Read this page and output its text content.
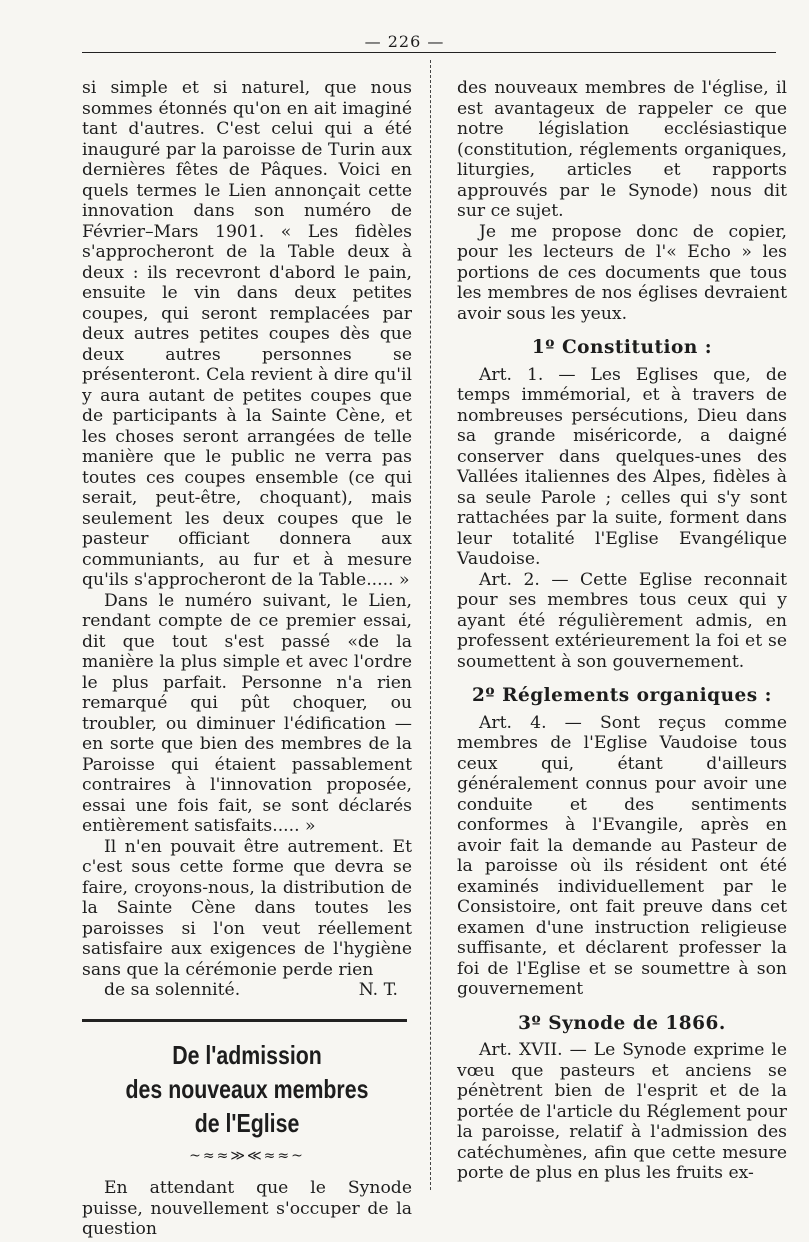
— 226 —

si simple et si naturel, que nous sommes étonnés qu'on en ait imaginé tant d'autres. C'est celui qui a été inauguré par la paroisse de Turin aux dernières fêtes de Pâques. Voici en quels termes le Lien annonçait cette innovation dans son numéro de Février–Mars 1901. « Les fidèles s'approcheront de la Table deux à deux : ils recevront d'abord le pain, ensuite le vin dans deux petites coupes, qui seront remplacées par deux autres petites coupes dès que deux autres personnes se présenteront. Cela revient à dire qu'il y aura autant de petites coupes que de participants à la Sainte Cène, et les choses seront arrangées de telle manière que le public ne verra pas toutes ces coupes ensemble (ce qui serait, peut-être, choquant), mais seulement les deux coupes que le pasteur officiant donnera aux communiants, au fur et à mesure qu'ils s'approcheront de la Table..... »

Dans le numéro suivant, le Lien, rendant compte de ce premier essai, dit que tout s'est passé «de la manière la plus simple et avec l'ordre le plus parfait. Personne n'a rien remarqué qui pût choquer, ou troubler, ou diminuer l'édification — en sorte que bien des membres de la Paroisse qui étaient passablement contraires à l'innovation proposée, essai une fois fait, se sont déclarés entièrement satisfaits..... »

Il n'en pouvait être autrement. Et c'est sous cette forme que devra se faire, croyons-nous, la distribution de la Sainte Cène dans toutes les paroisses si l'on veut réellement satisfaire aux exigences de l'hygiène sans que la cérémonie perde rien

de sa solennité.	N. T.

De l'admission
des nouveaux membres de l'Eglise
~≈≈≫≪≈≈~

En attendant que le Synode puisse, nouvellement s'occuper de la question

des nouveaux membres de l'église, il est avantageux de rappeler ce que notre législation ecclésiastique (constitution, réglements organiques, liturgies, articles et rapports approuvés par le Synode) nous dit sur ce sujet.

Je me propose donc de copier, pour les lecteurs de l'« Echo » les portions de ces documents que tous les membres de nos églises devraient avoir sous les yeux.

1º Constitution :

Art. 1. — Les Eglises que, de temps immémorial, et à travers de nombreuses persécutions, Dieu dans sa grande miséricorde, a daigné conserver dans quelques-unes des Vallées italiennes des Alpes, fidèles à sa seule Parole ; celles qui s'y sont rattachées par la suite, forment dans leur totalité l'Eglise Evangélique Vaudoise.

Art. 2. — Cette Eglise reconnait pour ses membres tous ceux qui y ayant été régulièrement admis, en professent extérieurement la foi et se soumettent à son gouvernement.

2º Réglements organiques :

Art. 4. — Sont reçus comme membres de l'Eglise Vaudoise tous ceux qui, étant d'ailleurs généralement connus pour avoir une conduite et des sentiments conformes à l'Evangile, après en avoir fait la demande au Pasteur de la paroisse où ils résident ont été examinés individuellement par le Consistoire, ont fait preuve dans cet examen d'une instruction religieuse suffisante, et déclarent professer la foi de l'Eglise et se soumettre à son gouvernement

3º Synode de 1866.

Art. XVII. — Le Synode exprime le vœu que pasteurs et anciens se pénètrent bien de l'esprit et de la portée de l'article du Réglement pour la paroisse, relatif à l'admission des catéchumènes, afin que cette mesure porte de plus en plus les fruits ex-
